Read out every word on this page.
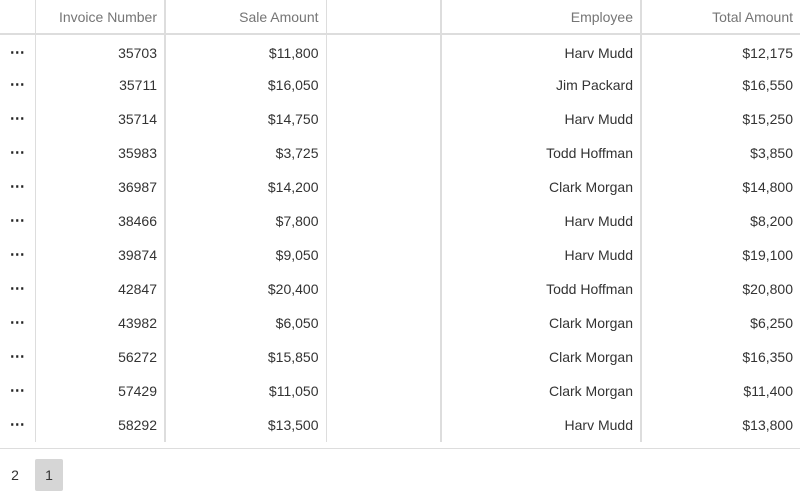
	Invoice Number	Sale Amount		Employee	Total Amount
⋯	35703	$11,800		Harv Mudd	$12,175
⋯	35711	$16,050		Jim Packard	$16,550
⋯	35714	$14,750		Harv Mudd	$15,250
⋯	35983	$3,725		Todd Hoffman	$3,850
⋯	36987	$14,200		Clark Morgan	$14,800
⋯	38466	$7,800		Harv Mudd	$8,200
⋯	39874	$9,050		Harv Mudd	$19,100
⋯	42847	$20,400		Todd Hoffman	$20,800
⋯	43982	$6,050		Clark Morgan	$6,250
⋯	56272	$15,850		Clark Morgan	$16,350
⋯	57429	$11,050		Clark Morgan	$11,400
⋯	58292	$13,500		Harv Mudd	$13,800
2	1
